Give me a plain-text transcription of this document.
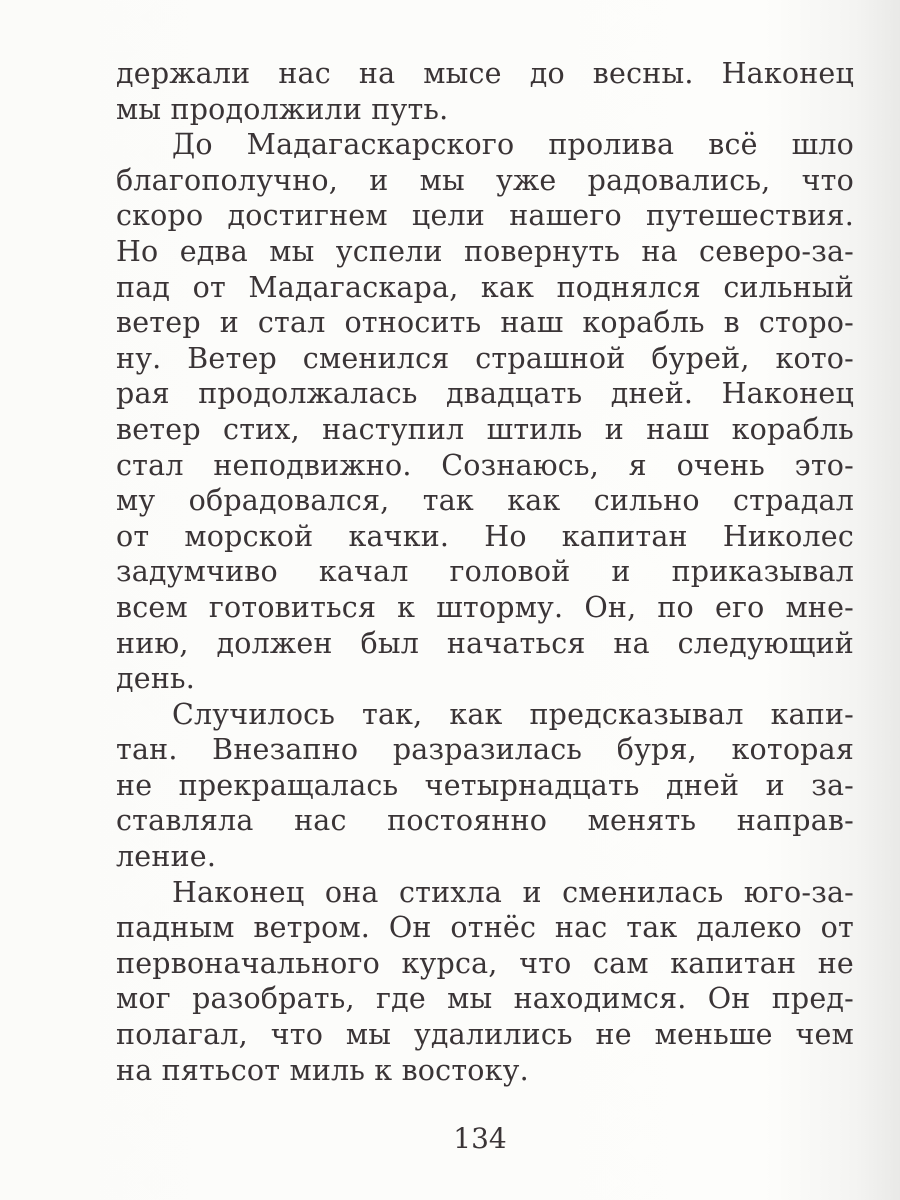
держали нас на мысе до весны. Наконец
мы продолжили путь.
До Мадагаскарского пролива всё шло
благополучно, и мы уже радовались, что
скоро достигнем цели нашего путешествия.
Но едва мы успели повернуть на северо-за-
пад от Мадагаскара, как поднялся сильный
ветер и стал относить наш корабль в сторо-
ну. Ветер сменился страшной бурей, кото-
рая продолжалась двадцать дней. Наконец
ветер стих, наступил штиль и наш корабль
стал неподвижно. Сознаюсь, я очень это-
му обрадовался, так как сильно страдал
от морской качки. Но капитан Николес
задумчиво качал головой и приказывал
всем готовиться к шторму. Он, по его мне-
нию, должен был начаться на следующий
день.
Случилось так, как предсказывал капи-
тан. Внезапно разразилась буря, которая
не прекращалась четырнадцать дней и за-
ставляла нас постоянно менять направ-
ление.
Наконец она стихла и сменилась юго-за-
падным ветром. Он отнёс нас так далеко от
первоначального курса, что сам капитан не
мог разобрать, где мы находимся. Он пред-
полагал, что мы удалились не меньше чем
на пятьсот миль к востоку.
134
